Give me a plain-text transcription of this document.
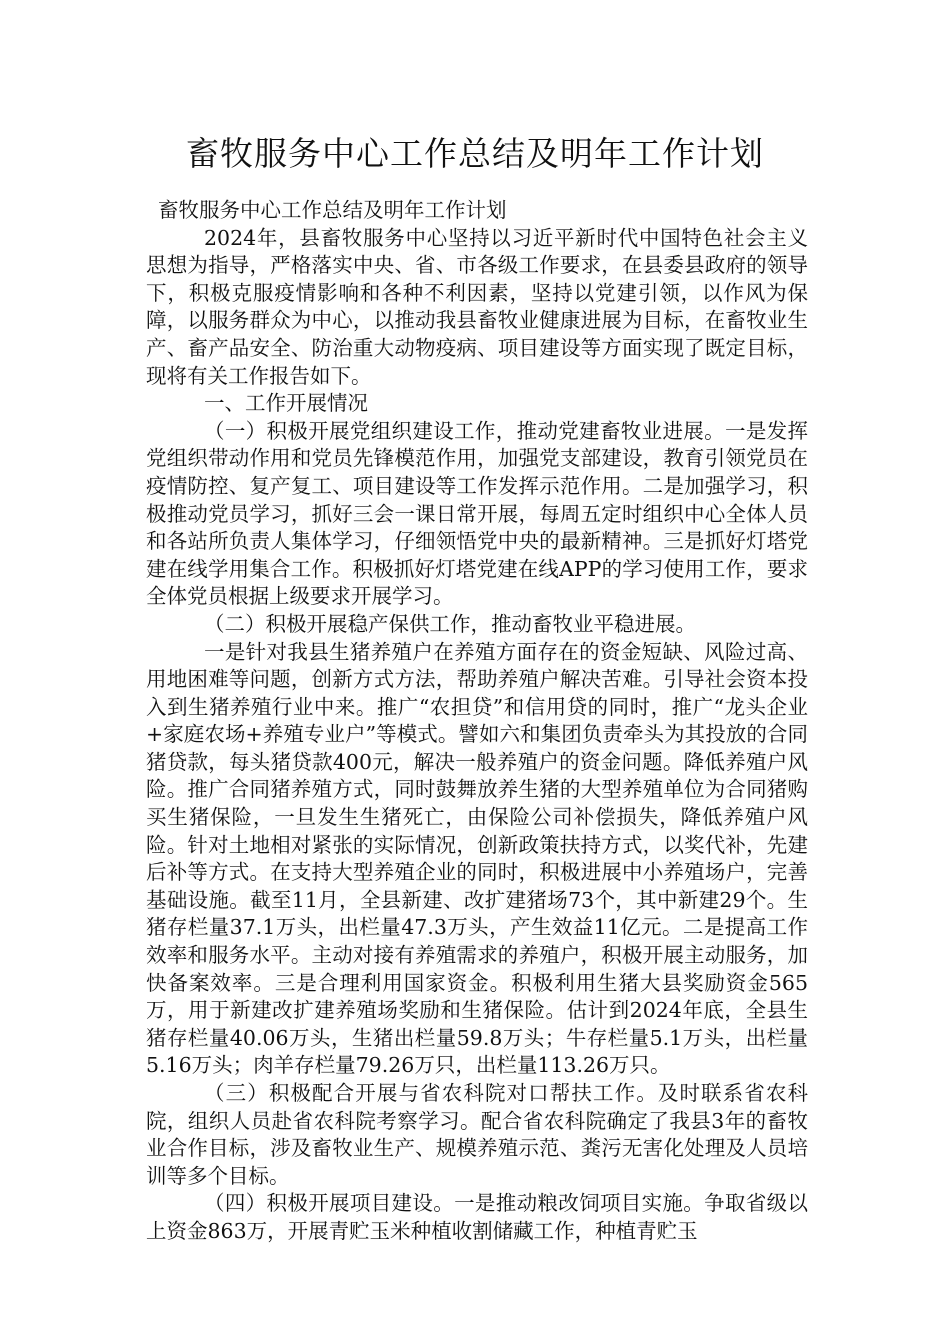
畜牧服务中心工作总结及明年工作计划

畜牧服务中心工作总结及明年工作计划

2024年，县畜牧服务中心坚持以习近平新时代中国特色社会主义思想为指导，严格落实中央、省、市各级工作要求，在县委县政府的领导下，积极克服疫情影响和各种不利因素，坚持以党建引领，以作风为保障，以服务群众为中心，以推动我县畜牧业健康进展为目标，在畜牧业生产、畜产品安全、防治重大动物疫病、项目建设等方面实现了既定目标，现将有关工作报告如下。

一、工作开展情况

（一）积极开展党组织建设工作，推动党建畜牧业进展。一是发挥党组织带动作用和党员先锋模范作用，加强党支部建设，教育引领党员在疫情防控、复产复工、项目建设等工作发挥示范作用。二是加强学习，积极推动党员学习，抓好三会一课日常开展，每周五定时组织中心全体人员和各站所负责人集体学习，仔细领悟党中央的最新精神。三是抓好灯塔党建在线学用集合工作。积极抓好灯塔党建在线APP的学习使用工作，要求全体党员根据上级要求开展学习。

（二）积极开展稳产保供工作，推动畜牧业平稳进展。

一是针对我县生猪养殖户在养殖方面存在的资金短缺、风险过高、用地困难等问题，创新方式方法，帮助养殖户解决苦难。引导社会资本投入到生猪养殖行业中来。推广“农担贷”和信用贷的同时，推广“龙头企业+家庭农场+养殖专业户”等模式。譬如六和集团负责牵头为其投放的合同猪贷款，每头猪贷款400元，解决一般养殖户的资金问题。降低养殖户风险。推广合同猪养殖方式，同时鼓舞放养生猪的大型养殖单位为合同猪购买生猪保险，一旦发生生猪死亡，由保险公司补偿损失，降低养殖户风险。针对土地相对紧张的实际情况，创新政策扶持方式，以奖代补，先建后补等方式。在支持大型养殖企业的同时，积极进展中小养殖场户，完善基础设施。截至11月，全县新建、改扩建猪场73个，其中新建29个。生猪存栏量37.1万头，出栏量47.3万头，产生效益11亿元。二是提高工作效率和服务水平。主动对接有养殖需求的养殖户，积极开展主动服务，加快备案效率。三是合理利用国家资金。积极利用生猪大县奖励资金565万，用于新建改扩建养殖场奖励和生猪保险。估计到2024年底，全县生猪存栏量40.06万头，生猪出栏量59.8万头；牛存栏量5.1万头，出栏量5.16万头；肉羊存栏量79.26万只，出栏量113.26万只。

（三）积极配合开展与省农科院对口帮扶工作。及时联系省农科院，组织人员赴省农科院考察学习。配合省农科院确定了我县3年的畜牧业合作目标，涉及畜牧业生产、规模养殖示范、粪污无害化处理及人员培训等多个目标。

（四）积极开展项目建设。一是推动粮改饲项目实施。争取省级以上资金863万，开展青贮玉米种植收割储藏工作，种植青贮玉
